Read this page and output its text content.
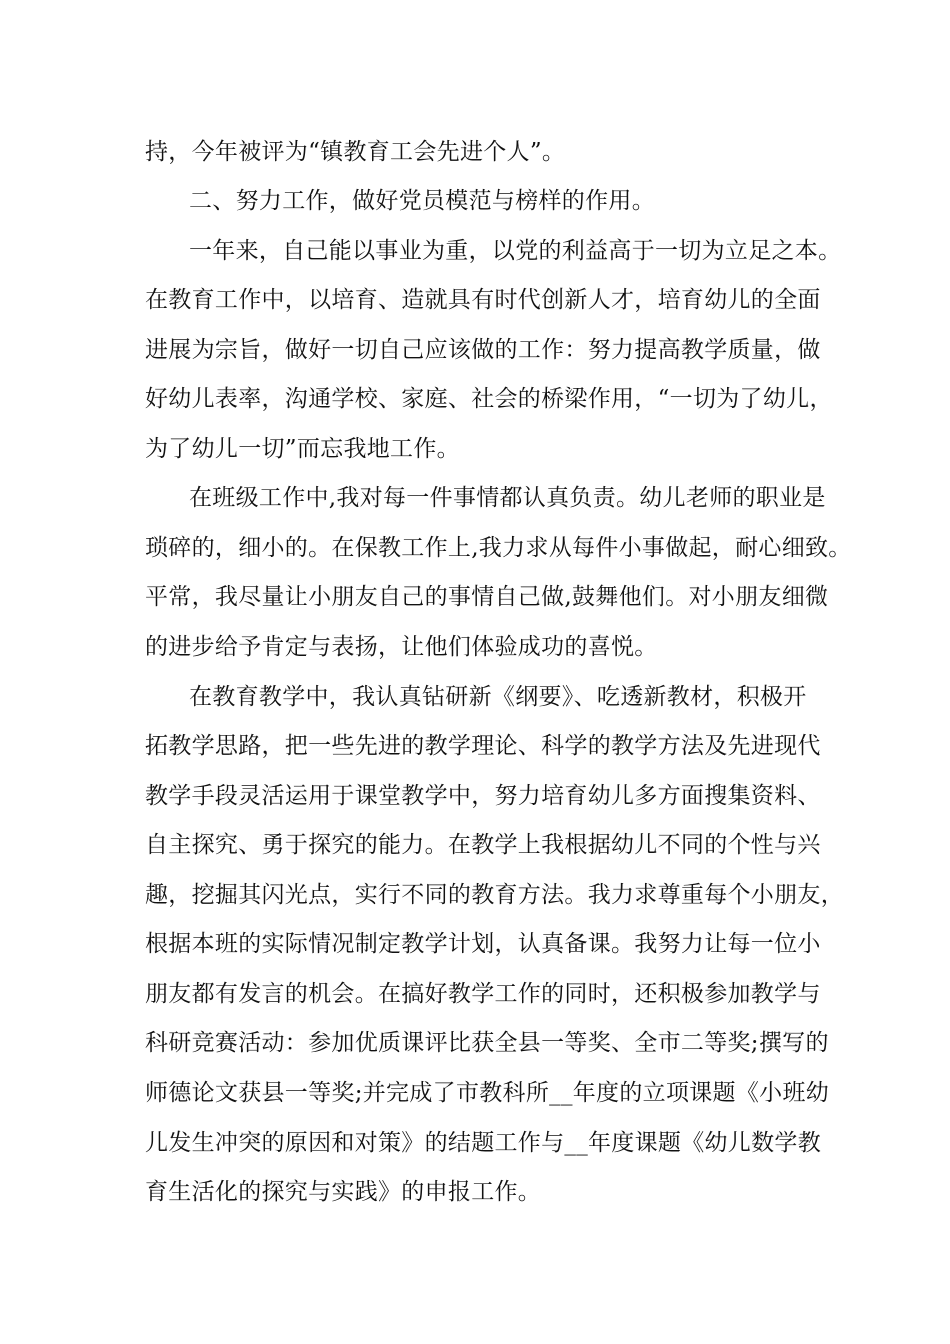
持，今年被评为“镇教育工会先进个人”。
二、努力工作，做好党员模范与榜样的作用。
一年来，自己能以事业为重，以党的利益高于一切为立足之本。
在教育工作中，以培育、造就具有时代创新人才，培育幼儿的全面
进展为宗旨，做好一切自己应该做的工作：努力提高教学质量，做
好幼儿表率，沟通学校、家庭、社会的桥梁作用，“一切为了幼儿，
为了幼儿一切”而忘我地工作。
在班级工作中,我对每一件事情都认真负责。幼儿老师的职业是
琐碎的，细小的。在保教工作上,我力求从每件小事做起，耐心细致。
平常，我尽量让小朋友自己的事情自己做,鼓舞他们。对小朋友细微
的进步给予肯定与表扬，让他们体验成功的喜悦。
在教育教学中，我认真钻研新《纲要》、吃透新教材，积极开
拓教学思路，把一些先进的教学理论、科学的教学方法及先进现代
教学手段灵活运用于课堂教学中，努力培育幼儿多方面搜集资料、
自主探究、勇于探究的能力。在教学上我根据幼儿不同的个性与兴
趣，挖掘其闪光点，实行不同的教育方法。我力求尊重每个小朋友，
根据本班的实际情况制定教学计划，认真备课。我努力让每一位小
朋友都有发言的机会。在搞好教学工作的同时，还积极参加教学与
科研竞赛活动：参加优质课评比获全县一等奖、全市二等奖;撰写的
师德论文获县一等奖;并完成了市教科所__年度的立项课题《小班幼
儿发生冲突的原因和对策》的结题工作与__年度课题《幼儿数学教
育生活化的探究与实践》的申报工作。
